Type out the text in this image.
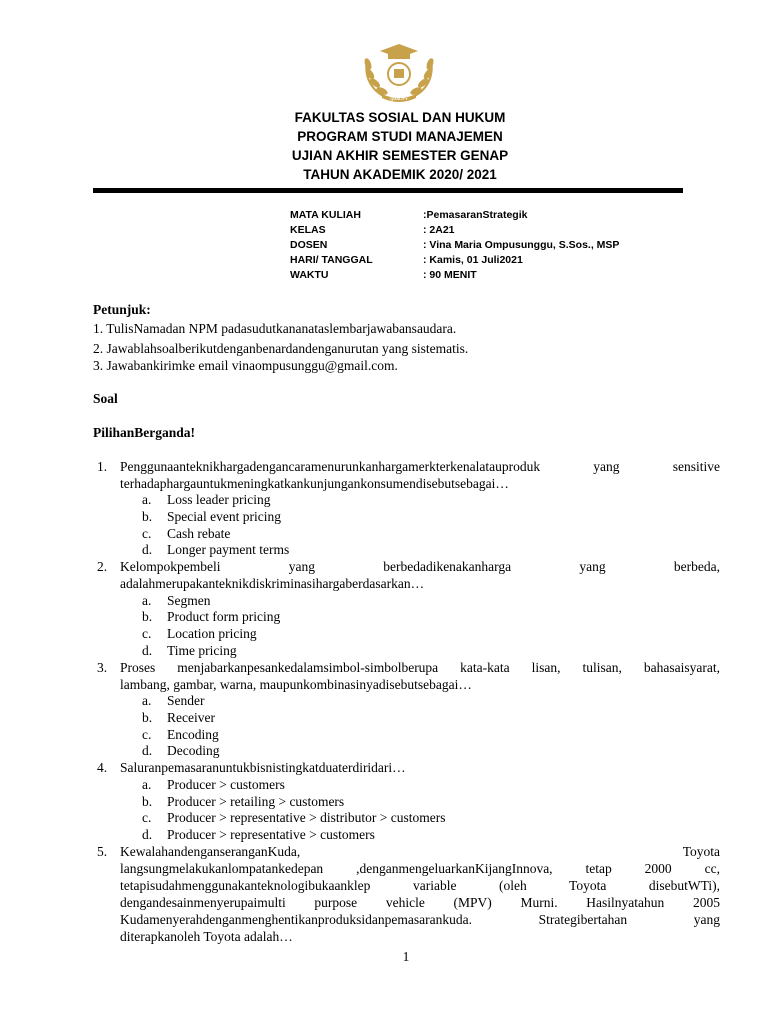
QUALITY
FAKULTAS SOSIAL DAN HUKUM
PROGRAM STUDI MANAJEMEN
UJIAN AKHIR SEMESTER GENAP
TAHUN AKADEMIK 2020/ 2021
MATA KULIAH	:PemasaranStrategik
KELAS	: 2A21
DOSEN	: Vina Maria Ompusunggu, S.Sos., MSP
HARI/ TANGGAL	: Kamis, 01 Juli2021
WAKTU	: 90 MENIT
Petunjuk:
1. TulisNamadan NPM padasudutkananataslembarjawabansaudara.
2. Jawablahsoalberikutdenganbenardandenganurutan yang sistematis.
3. Jawabankirimke email vinaompusunggu@gmail.com.
Soal
PilihanBerganda!
1. Penggunaanteknikhargadengancaramenurunkanhargamerkterkenalatauproduk yang sensitive
terhadaphargauntukmeningkatkankunjungankonsumendisebutsebagai…
a. Loss leader pricing
b. Special event pricing
c. Cash rebate
d. Longer payment terms
2. Kelompokpembeli yang berbedadikenakanharga yang berbeda,
adalahmerupakanteknikdiskriminasihargaberdasarkan…
a. Segmen
b. Product form pricing
c. Location pricing
d. Time pricing
3. Proses menjabarkanpesankedalamsimbol-simbolberupa kata-kata lisan, tulisan, bahasaisyarat,
lambang, gambar, warna, maupunkombinasinyadisebutsebagai…
a. Sender
b. Receiver
c. Encoding
d. Decoding
4. Saluranpemasaranuntukbisnistingkatduaterdiridari…
a. Producer > customers
b. Producer > retailing > customers
c. Producer > representative > distributor > customers
d. Producer > representative > customers
5. KewalahandenganseranganKuda, Toyota
langsungmelakukanlompatankedepan ,denganmengeluarkanKijangInnova, tetap 2000 cc,
tetapisudahmenggunakanteknologibukaanklep variable (oleh Toyota disebutWTi),
dengandesainmenyerupaimulti purpose vehicle (MPV) Murni. Hasilnyatahun 2005
Kudamenyerahdenganmenghentikanproduksidanpemasarankuda. Strategibertahan yang
diterapkanoleh Toyota adalah…
1
